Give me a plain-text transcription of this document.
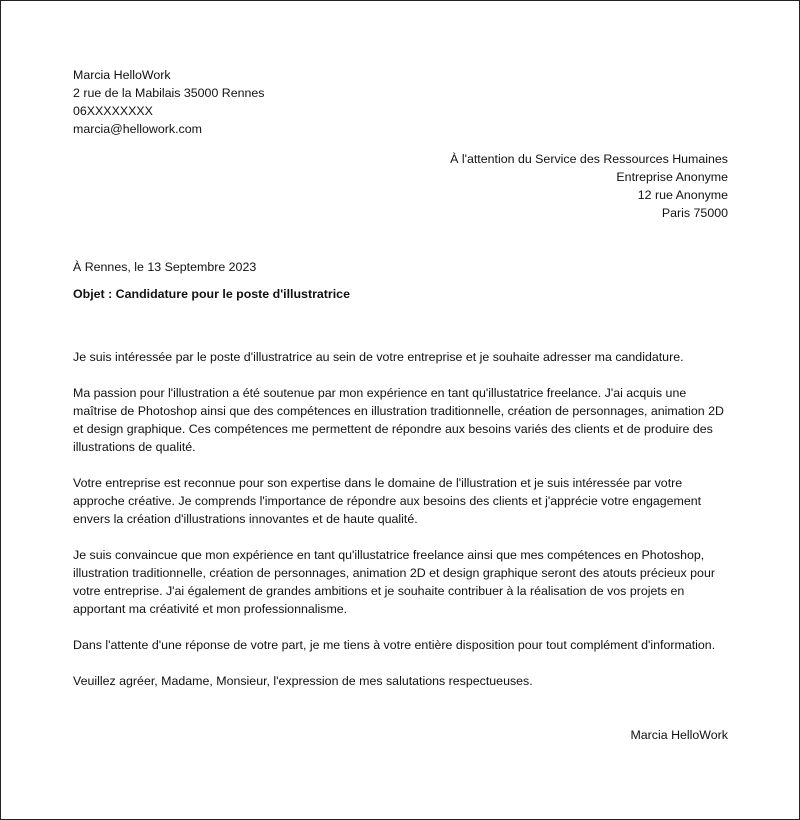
Marcia HelloWork
2 rue de la Mabilais 35000 Rennes
06XXXXXXXX
marcia@hellowork.com
À l'attention du Service des Ressources Humaines
Entreprise Anonyme
12 rue Anonyme
Paris 75000
À Rennes, le 13 Septembre 2023
Objet : Candidature pour le poste d'illustratrice

Je suis intéressée par le poste d'illustratrice au sein de votre entreprise et je souhaite adresser ma candidature.

Ma passion pour l'illustration a été soutenue par mon expérience en tant qu'illustatrice freelance. J'ai acquis une maîtrise de Photoshop ainsi que des compétences en illustration traditionnelle, création de personnages, animation 2D et design graphique. Ces compétences me permettent de répondre aux besoins variés des clients et de produire des illustrations de qualité.

Votre entreprise est reconnue pour son expertise dans le domaine de l'illustration et je suis intéressée par votre approche créative. Je comprends l'importance de répondre aux besoins des clients et j'apprécie votre engagement envers la création d'illustrations innovantes et de haute qualité.

Je suis convaincue que mon expérience en tant qu'illustatrice freelance ainsi que mes compétences en Photoshop, illustration traditionnelle, création de personnages, animation 2D et design graphique seront des atouts précieux pour votre entreprise. J'ai également de grandes ambitions et je souhaite contribuer à la réalisation de vos projets en apportant ma créativité et mon professionnalisme.

Dans l'attente d'une réponse de votre part, je me tiens à votre entière disposition pour tout complément d'information.

Veuillez agréer, Madame, Monsieur, l'expression de mes salutations respectueuses.

Marcia HelloWork
